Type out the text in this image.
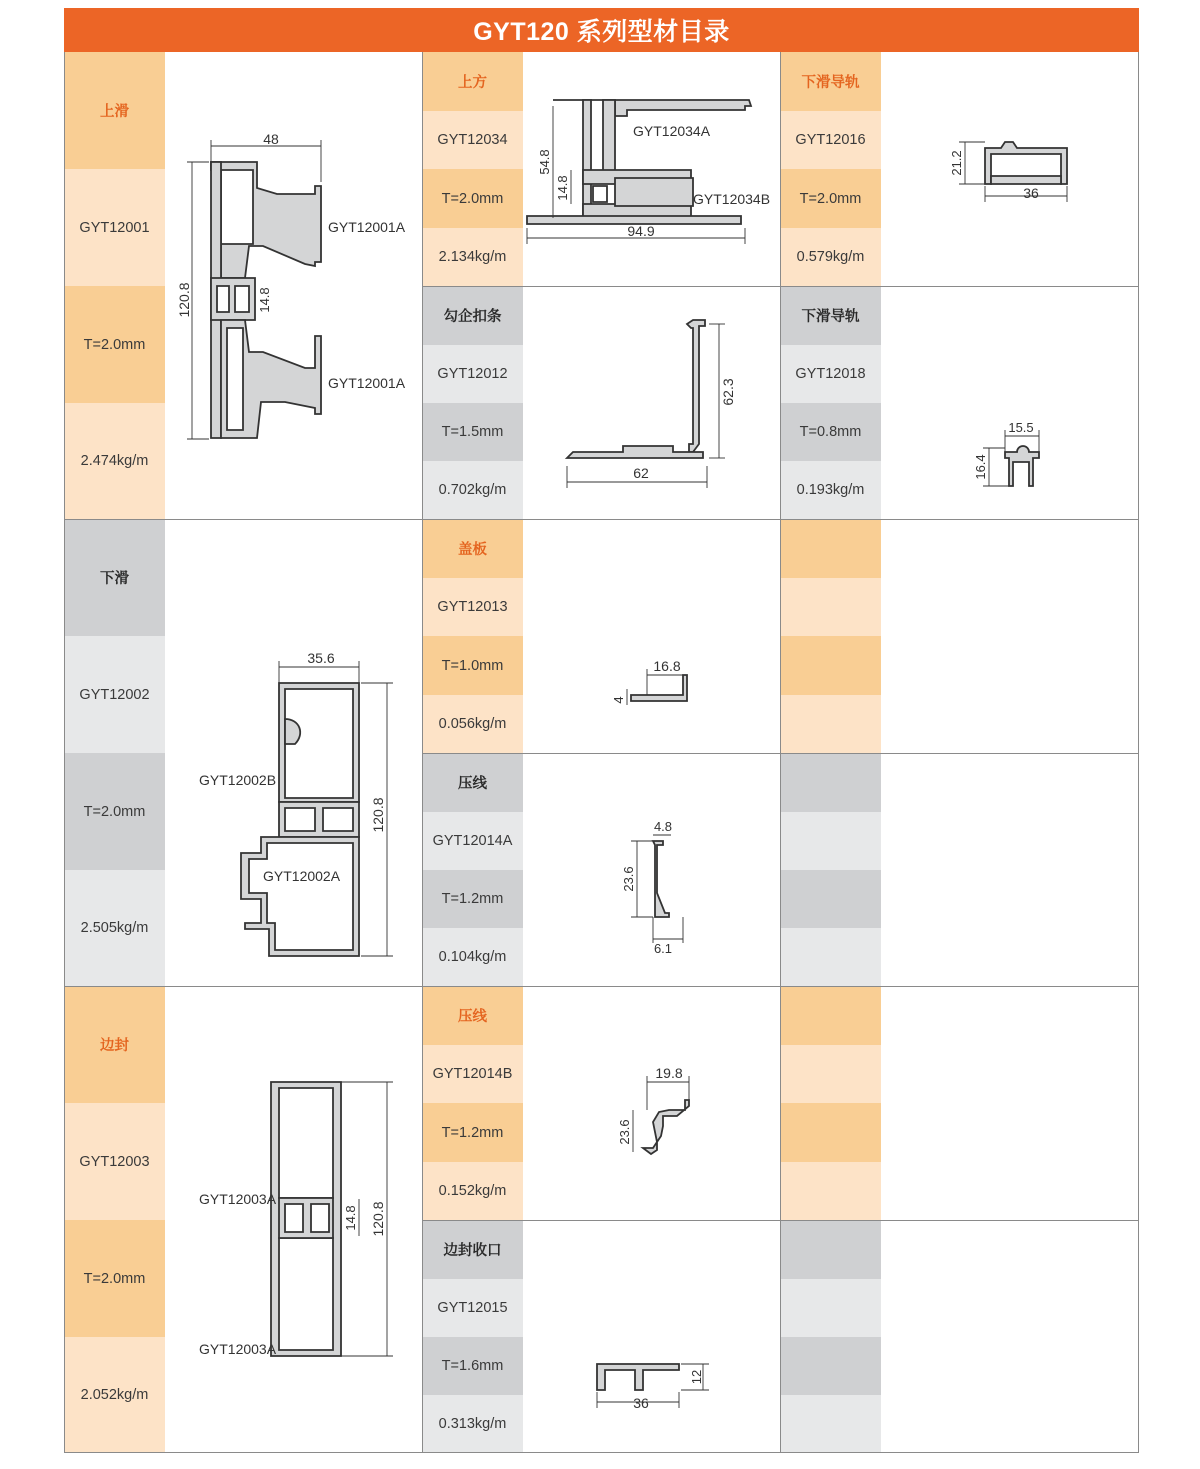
GYT120 系列型材目录
上滑
GYT12001
T=2.0mm
2.474kg/m
48
120.8	14.8
GYT12001A
GYT12001A
下滑
GYT12002
T=2.0mm
2.505kg/m
35.6
120.8
GYT12002B
GYT12002A
边封
GYT12003
T=2.0mm
2.052kg/m
120.8
14.8
GYT12003A
GYT12003A
上方
GYT12034
T=2.0mm
2.134kg/m
54.8
14.8
94.9
GYT12034A
GYT12034B
勾企扣条
GYT12012
T=1.5mm
0.702kg/m
62.3
62
盖板
GYT12013
T=1.0mm
0.056kg/m
16.8
4
压线
GYT12014A
T=1.2mm
0.104kg/m
4.8
23.6
6.1
压线
GYT12014B
T=1.2mm
0.152kg/m
19.8
23.6
边封收口
GYT12015
T=1.6mm
0.313kg/m
36
12
下滑导轨
GYT12016
T=2.0mm
0.579kg/m
21.2
36
下滑导轨
GYT12018
T=0.8mm
0.193kg/m
15.5
16.4
